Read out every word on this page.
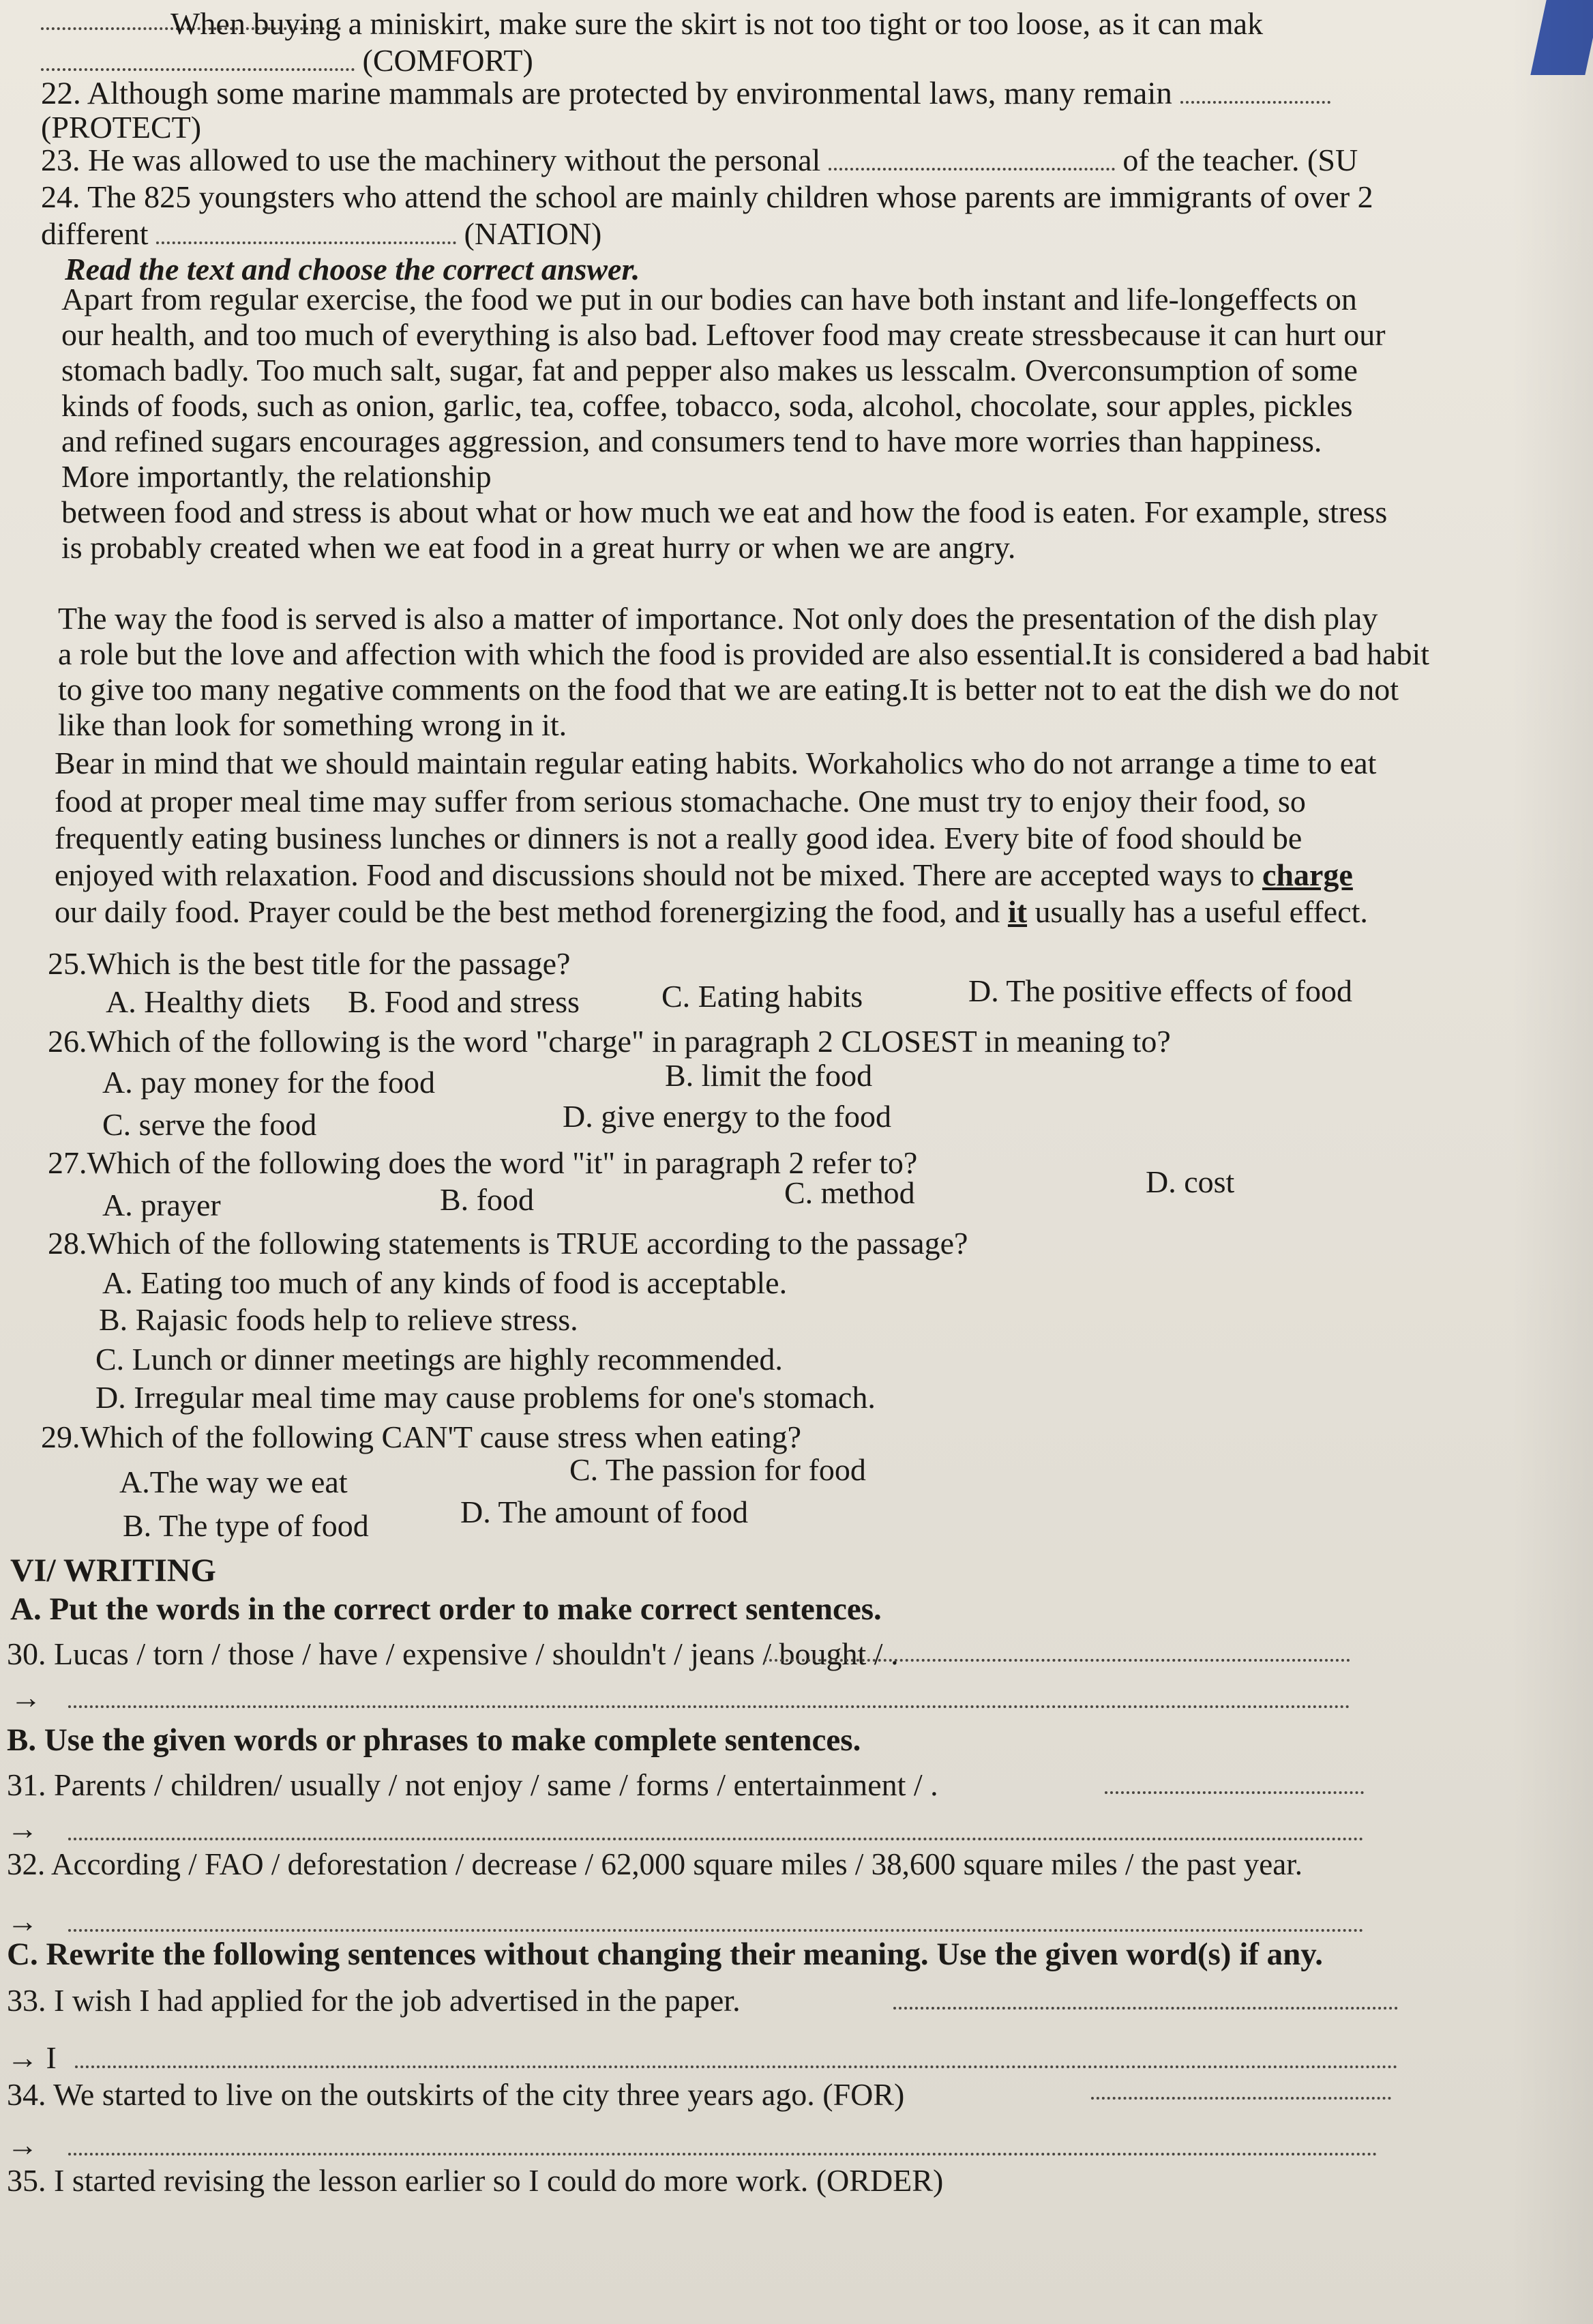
When buying a miniskirt, make sure the skirt is not too tight or too loose, as it can mak
(COMFORT)
22. Although some marine mammals are protected by environmental laws, many remain
(PROTECT)
23. He was allowed to use the machinery without the personal	of the teacher. (SU
24. The 825 youngsters who attend the school are mainly children whose parents are immigrants of over 2
different	(NATION)
Read the text and choose the correct answer.
Apart from regular exercise, the food we put in our bodies can have both instant and life-longeffects on
our health, and too much of everything is also bad. Leftover food may create stressbecause it can hurt our
stomach badly. Too much salt, sugar, fat and pepper also makes us lesscalm. Overconsumption of some
kinds of foods, such as onion, garlic, tea, coffee, tobacco, soda, alcohol, chocolate, sour apples, pickles
and refined sugars encourages aggression, and consumers tend to have more worries than happiness.
More importantly, the relationship
between food and stress is about what or how much we eat and how the food is eaten. For example, stress
is probably created when we eat food in a great hurry or when we are angry.
The way the food is served is also a matter of importance. Not only does the presentation of the dish play
a role but the love and affection with which the food is provided are also essential.It is considered a bad habit
to give too many negative comments on the food that we are eating.It is better not to eat the dish we do not
like than look for something wrong in it.
Bear in mind that we should maintain regular eating habits. Workaholics who do not arrange a time to eat
food at proper meal time may suffer from serious stomachache. One must try to enjoy their food, so
frequently eating business lunches or dinners is not a really good idea. Every bite of food should be
enjoyed with relaxation. Food and discussions should not be mixed. There are accepted ways to charge
our daily food. Prayer could be the best method forenergizing the food, and it usually has a useful effect.
25.Which is the best title for the passage?
A. Healthy diets B. Food and stress	C. Eating habits	D. The positive effects of food
26.Which of the following is the word "charge" in paragraph 2 CLOSEST in meaning to?
A. pay money for the food	B. limit the food
C. serve the food	D. give energy to the food
27.Which of the following does the word "it" in paragraph 2 refer to?
A. prayer	B. food	C. method	D. cost
28.Which of the following statements is TRUE according to the passage?
A. Eating too much of any kinds of food is acceptable.
B. Rajasic foods help to relieve stress.
C. Lunch or dinner meetings are highly recommended.
D. Irregular meal time may cause problems for one's stomach.
29.Which of the following CAN'T cause stress when eating?
A.The way we eat	C. The passion for food
B. The type of food	D. The amount of food
VI/ WRITING
A. Put the words in the correct order to make correct sentences.
30. Lucas / torn / those / have / expensive / shouldn't / jeans / bought / .
→
B. Use the given words or phrases to make complete sentences.
31. Parents / children/ usually / not enjoy / same / forms / entertainment / .
→
32. According / FAO / deforestation / decrease / 62,000 square miles / 38,600 square miles / the past year.
→
C. Rewrite the following sentences without changing their meaning. Use the given word(s) if any.
33. I wish I had applied for the job advertised in the paper.
→ I
34. We started to live on the outskirts of the city three years ago. (FOR)
→
35. I started revising the lesson earlier so I could do more work. (ORDER)
